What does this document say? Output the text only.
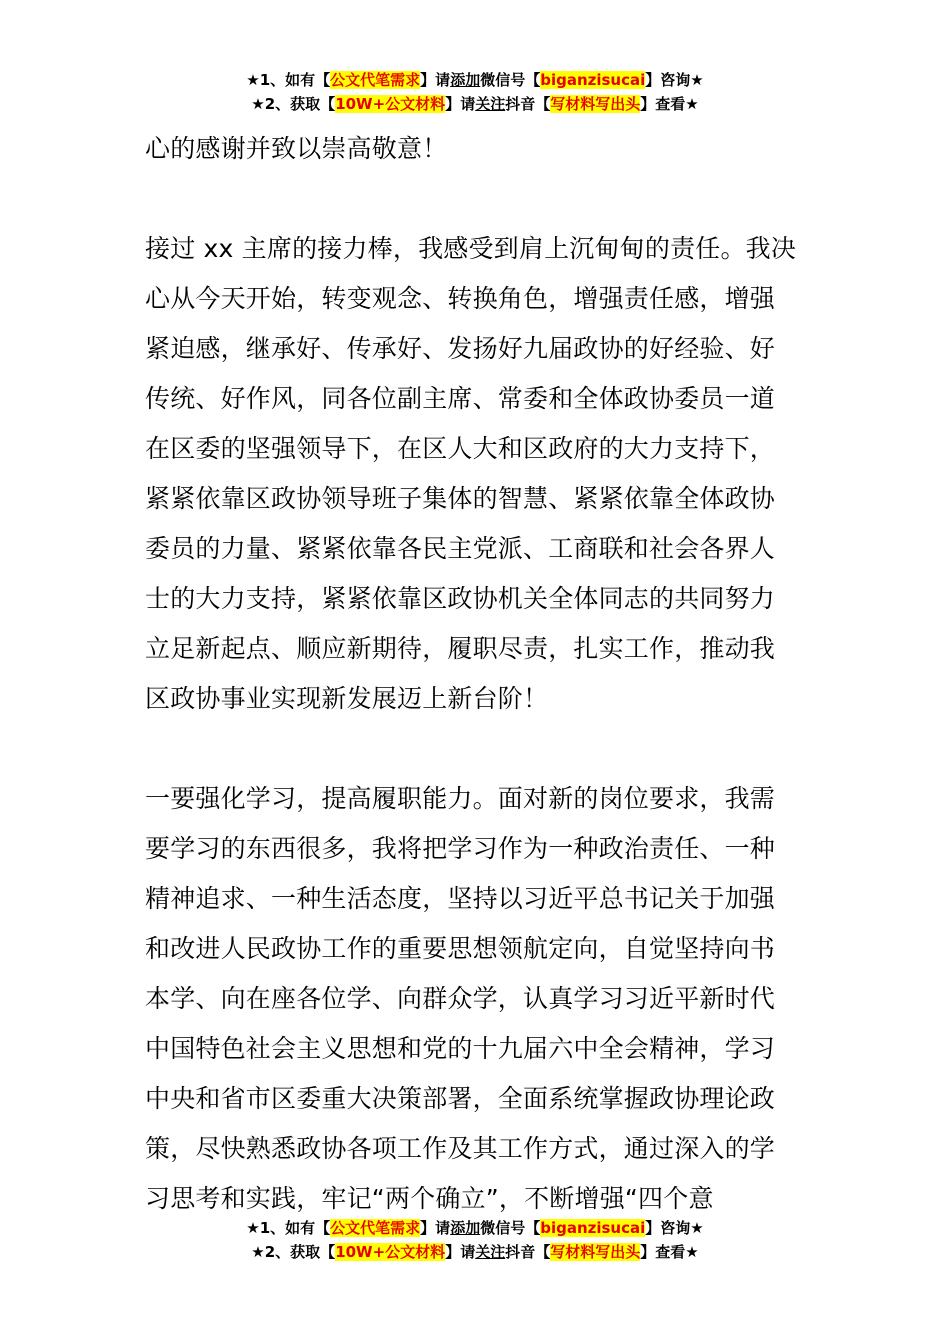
★1、如有【公文代笔需求】请添加微信号【biganzisucai】咨询★
★2、获取【10W+公文材料】请关注抖音【写材料写出头】查看★
心的感谢并致以崇高敬意！
接过 xx 主席的接力棒，我感受到肩上沉甸甸的责任。我决
心从今天开始，转变观念、转换角色，增强责任感，增强
紧迫感，继承好、传承好、发扬好九届政协的好经验、好
传统、好作风，同各位副主席、常委和全体政协委员一道
在区委的坚强领导下，在区人大和区政府的大力支持下，
紧紧依靠区政协领导班子集体的智慧、紧紧依靠全体政协
委员的力量、紧紧依靠各民主党派、工商联和社会各界人
士的大力支持，紧紧依靠区政协机关全体同志的共同努力
立足新起点、顺应新期待，履职尽责，扎实工作，推动我
区政协事业实现新发展迈上新台阶！
一要强化学习，提高履职能力。面对新的岗位要求，我需
要学习的东西很多，我将把学习作为一种政治责任、一种
精神追求、一种生活态度，坚持以习近平总书记关于加强
和改进人民政协工作的重要思想领航定向，自觉坚持向书
本学、向在座各位学、向群众学，认真学习习近平新时代
中国特色社会主义思想和党的十九届六中全会精神，学习
中央和省市区委重大决策部署，全面系统掌握政协理论政
策，尽快熟悉政协各项工作及其工作方式，通过深入的学
习思考和实践，牢记“两个确立”，不断增强“四个意
★1、如有【公文代笔需求】请添加微信号【biganzisucai】咨询★
★2、获取【10W+公文材料】请关注抖音【写材料写出头】查看★
